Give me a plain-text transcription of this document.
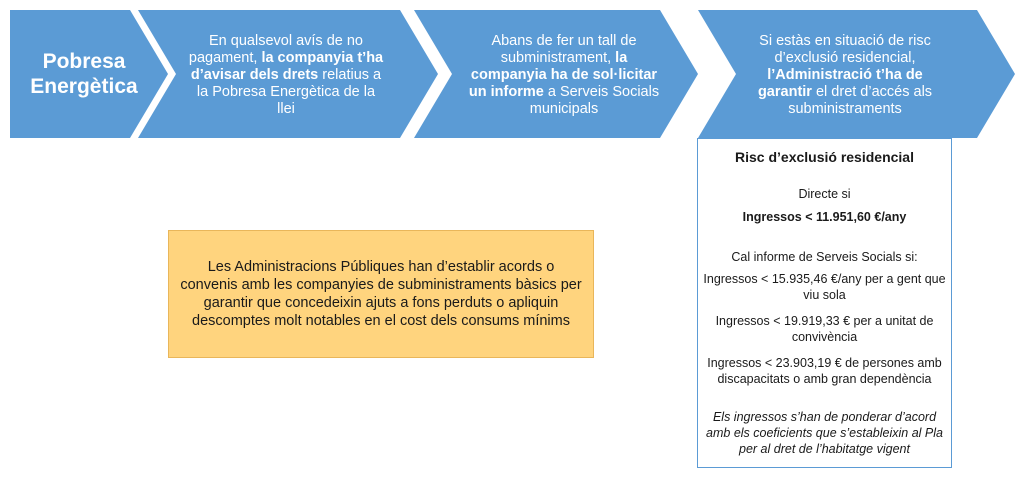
Pobresa Energètica
En qualsevol avís de no pagament, la companyia t’ha d’avisar dels drets relatius a la Pobresa Energètica de la llei
Abans de fer un tall de subministrament, la companyia ha de sol·licitar un informe a Serveis Socials municipals
Si estàs en situació de risc d’exclusió residencial, l’Administració t’ha de garantir el dret d’accés als subministraments
Les Administracions Públiques han d’establir acords o convenis amb les companyies de subministraments bàsics per garantir que concedeixin ajuts a fons perduts o apliquin descomptes molt notables en el cost dels consums mínims
Risc d’exclusió residencial
Directe si
Ingressos < 11.951,60 €/any
Cal informe de Serveis Socials si:
Ingressos < 15.935,46 €/any per a gent que viu sola
Ingressos < 19.919,33 € per a unitat de convivència
Ingressos < 23.903,19 € de persones amb discapacitats o amb gran dependència
Els ingressos s’han de ponderar d’acord amb els coeficients que s’estableixin al Pla per al dret de l’habitatge vigent
